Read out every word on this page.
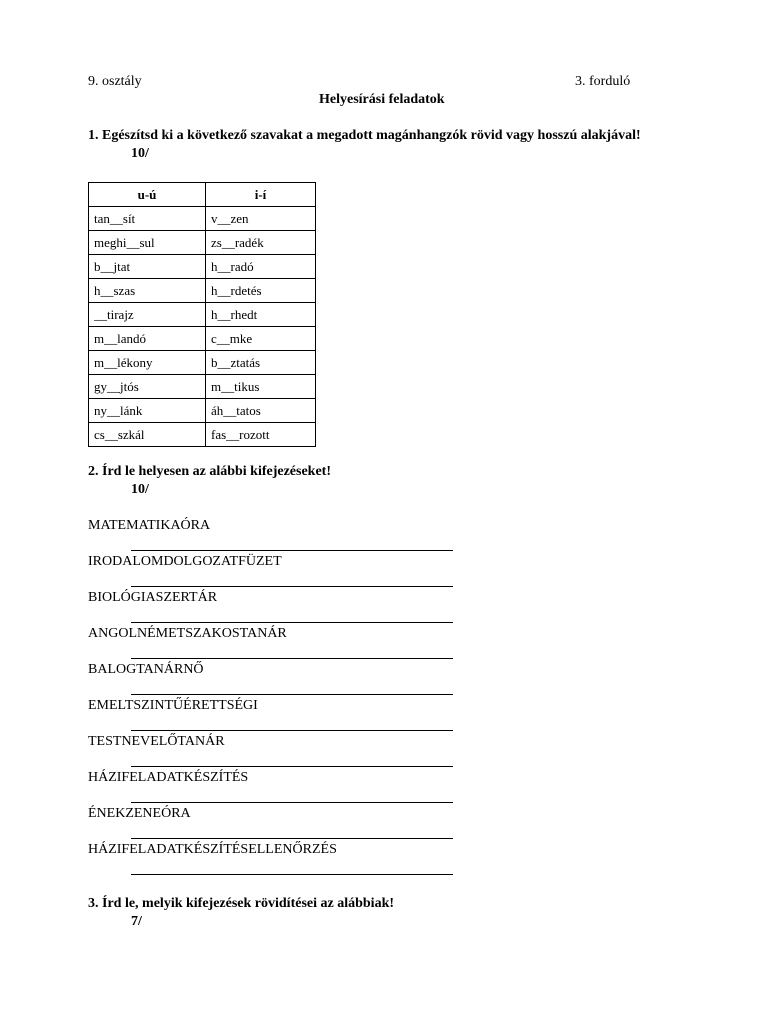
9. osztály	3. forduló
Helyesírási feladatok
1. Egészítsd ki a következő szavakat a megadott magánhangzók rövid vagy hosszú alakjával!
10/
u-ú	i-í
tan__sít	v__zen
meghi__sul	zs__radék
b__jtat	h__radó
h__szas	h__rdetés
__tirajz	h__rhedt
m__landó	c__mke
m__lékony	b__ztatás
gy__jtós	m__tikus
ny__lánk	áh__tatos
cs__szkál	fas__rozott
2. Írd le helyesen az alábbi kifejezéseket!
10/
MATEMATIKAÓRA
IRODALOMDOLGOZATFÜZET
BIOLÓGIASZERTÁR
ANGOLNÉMETSZAKOSTANÁR
BALOGTANÁRNŐ
EMELTSZINTŰÉRETTSÉGI
TESTNEVELŐTANÁR
HÁZIFELADATKÉSZÍTÉS
ÉNEKZENEÓRA
HÁZIFELADATKÉSZÍTÉSELLENŐRZÉS
3. Írd le, melyik kifejezések rövidítései az alábbiak!
7/
